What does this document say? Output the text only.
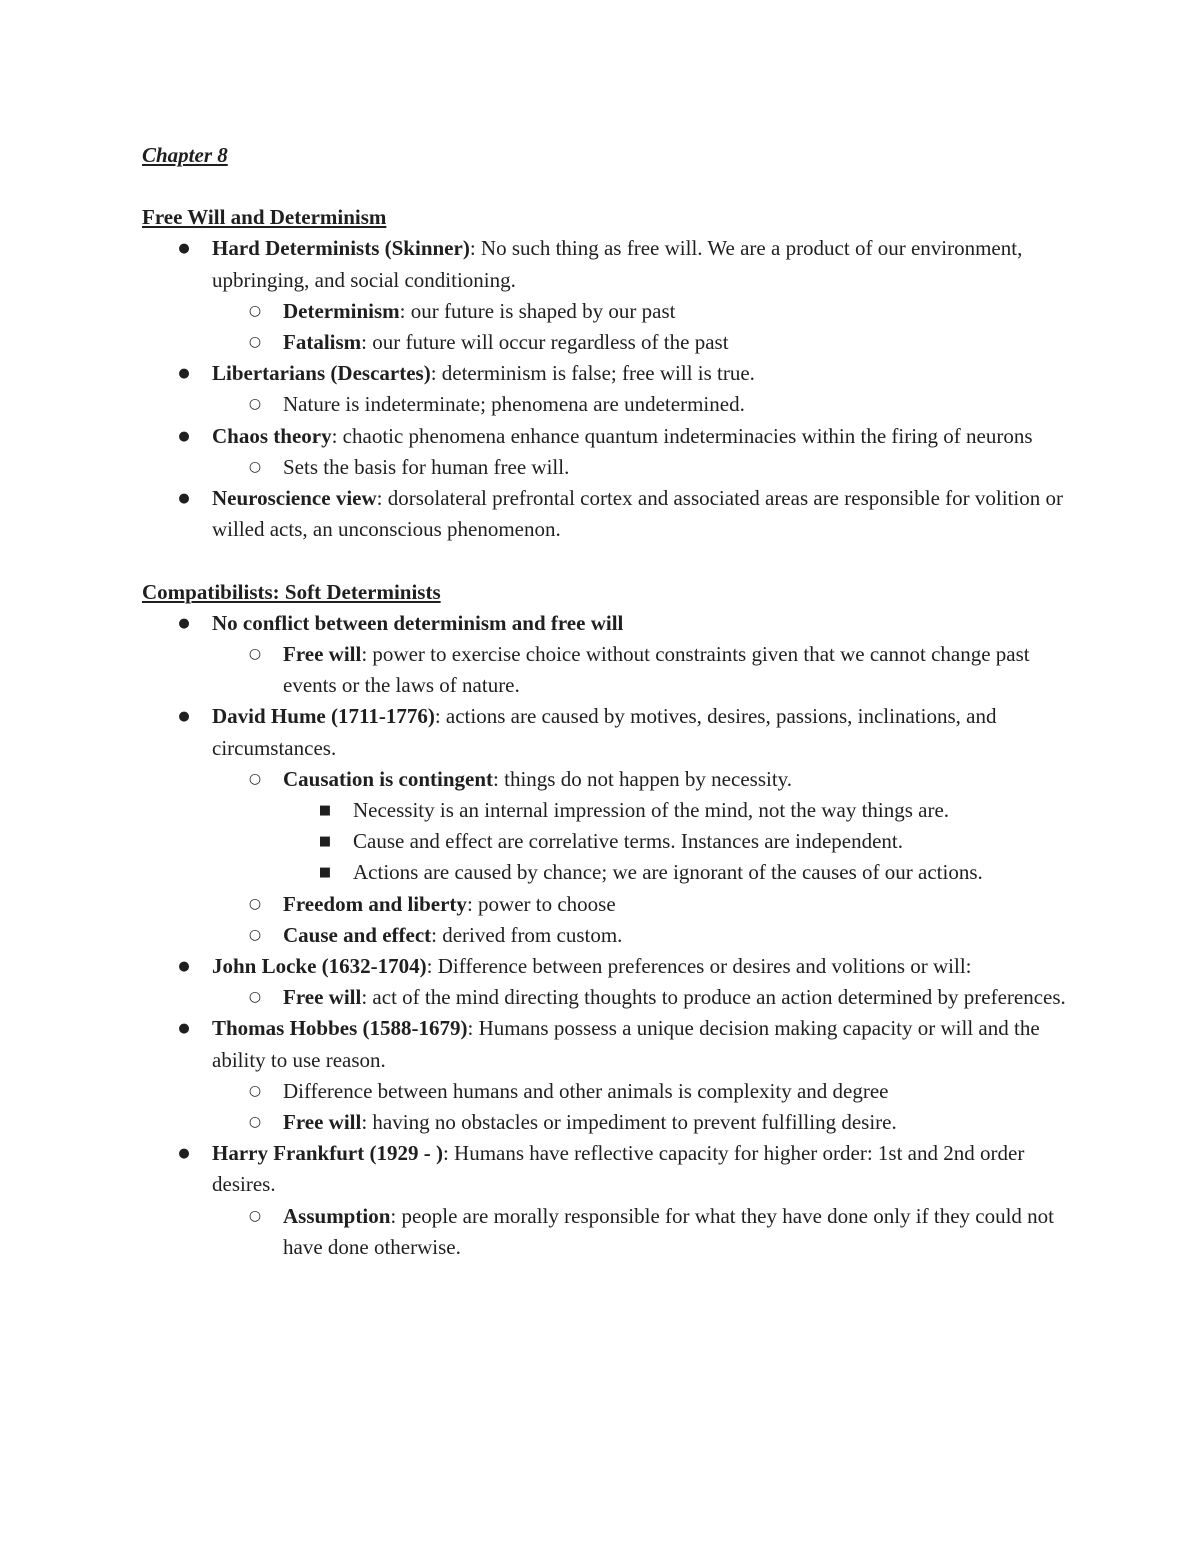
Chapter 8
Free Will and Determinism
● Hard Determinists (Skinner): No such thing as free will. We are a product of our environment, upbringing, and social conditioning.
○ Determinism: our future is shaped by our past
○ Fatalism: our future will occur regardless of the past
● Libertarians (Descartes): determinism is false; free will is true.
○ Nature is indeterminate; phenomena are undetermined.
● Chaos theory: chaotic phenomena enhance quantum indeterminacies within the firing of neurons
○ Sets the basis for human free will.
● Neuroscience view: dorsolateral prefrontal cortex and associated areas are responsible for volition or willed acts, an unconscious phenomenon.
Compatibilists: Soft Determinists
● No conflict between determinism and free will
○ Free will: power to exercise choice without constraints given that we cannot change past events or the laws of nature.
● David Hume (1711-1776): actions are caused by motives, desires, passions, inclinations, and circumstances.
○ Causation is contingent: things do not happen by necessity.
■ Necessity is an internal impression of the mind, not the way things are.
■ Cause and effect are correlative terms. Instances are independent.
■ Actions are caused by chance; we are ignorant of the causes of our actions.
○ Freedom and liberty: power to choose
○ Cause and effect: derived from custom.
● John Locke (1632-1704): Difference between preferences or desires and volitions or will:
○ Free will: act of the mind directing thoughts to produce an action determined by preferences.
● Thomas Hobbes (1588-1679): Humans possess a unique decision making capacity or will and the ability to use reason.
○ Difference between humans and other animals is complexity and degree
○ Free will: having no obstacles or impediment to prevent fulfilling desire.
● Harry Frankfurt (1929 - ): Humans have reflective capacity for higher order: 1st and 2nd order desires.
○ Assumption: people are morally responsible for what they have done only if they could not have done otherwise.
